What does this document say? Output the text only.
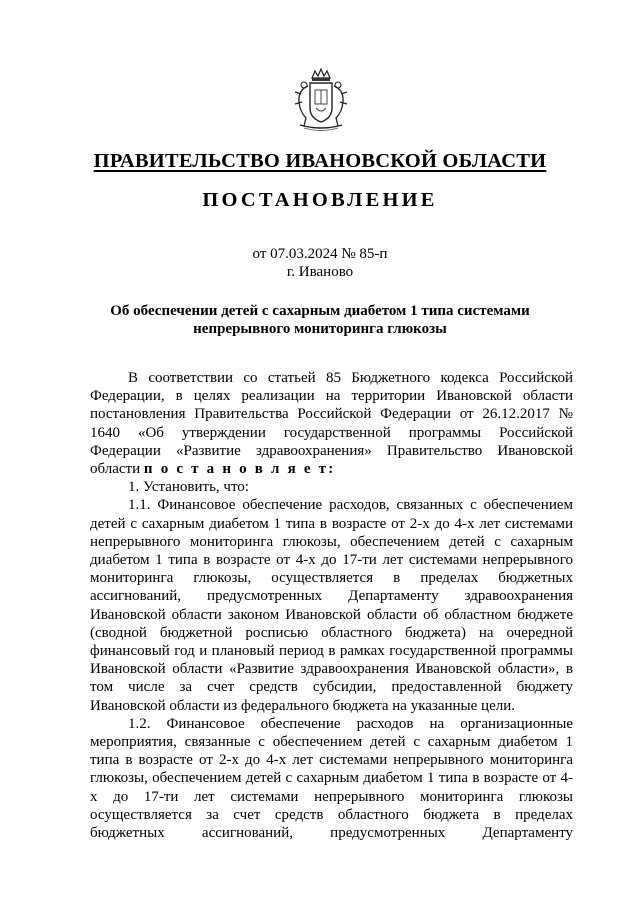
ПРАВИТЕЛЬСТВО ИВАНОВСКОЙ ОБЛАСТИ
ПОСТАНОВЛЕНИЕ
от 07.03.2024 № 85-п
г. Иваново
Об обеспечении детей с сахарным диабетом 1 типа системами
непрерывного мониторинга глюкозы

В соответствии со статьей 85 Бюджетного кодекса Российской Федерации, в целях реализации на территории Ивановской области постановления Правительства Российской Федерации от 26.12.2017 № 1640 «Об утверждении государственной программы Российской Федерации «Развитие здравоохранения» Правительство Ивановской области п о с т а н о в л я е т:

1. Установить, что:

1.1. Финансовое обеспечение расходов, связанных с обеспечением детей с сахарным диабетом 1 типа в возрасте от 2-х до 4-х лет системами непрерывного мониторинга глюкозы, обеспечением детей с сахарным диабетом 1 типа в возрасте от 4-х до 17-ти лет системами непрерывного мониторинга глюкозы, осуществляется в пределах бюджетных ассигнований, предусмотренных Департаменту здравоохранения Ивановской области законом Ивановской области об областном бюджете (сводной бюджетной росписью областного бюджета) на очередной финансовый год и плановый период в рамках государственной программы Ивановской области «Развитие здравоохранения Ивановской области», в том числе за счет средств субсидии, предоставленной бюджету Ивановской области из федерального бюджета на указанные цели.

1.2. Финансовое обеспечение расходов на организационные мероприятия, связанные с обеспечением детей с сахарным диабетом 1 типа в возрасте от 2-х до 4-х лет системами непрерывного мониторинга глюкозы, обеспечением детей с сахарным диабетом 1 типа в возрасте от 4-х до 17-ти лет системами непрерывного мониторинга глюкозы осуществляется за счет средств областного бюджета в пределах бюджетных ассигнований, предусмотренных Департаменту
